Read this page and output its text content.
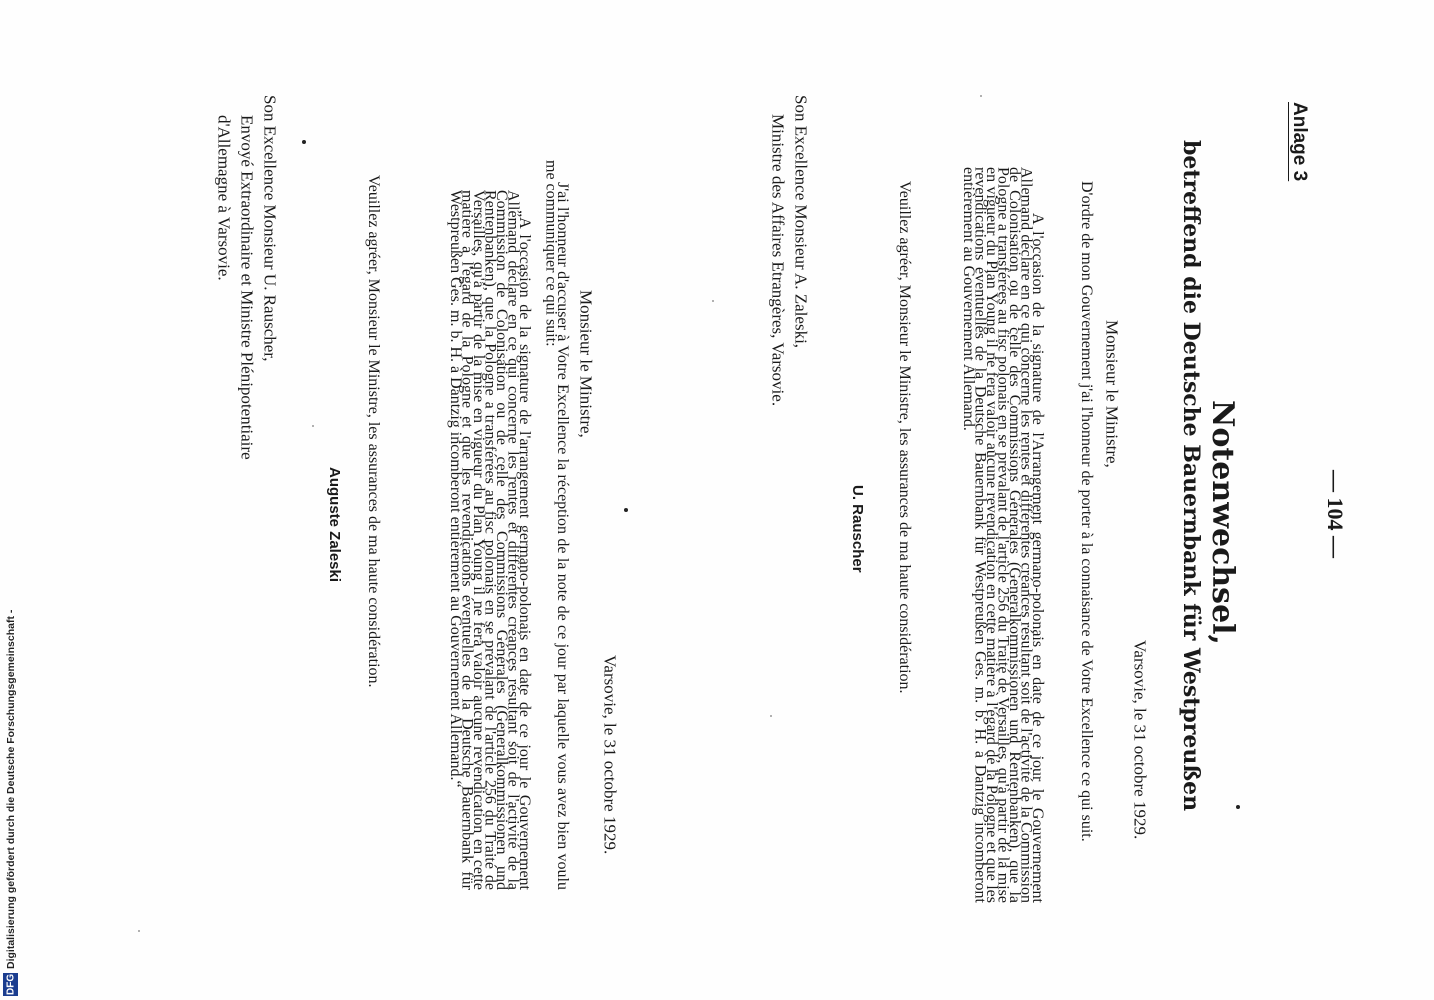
Anlage 3

— 104 —

Notenwechsel,

betreffend die Deutsche Bauernbank für Westpreußen

Varsovie, le 31 octobre 1929.

Monsieur le Ministre,

D'ordre de mon Gouvernement j'ai l'honneur de porter à la connaisance de Votre Excellence ce qui suit.

A l'occasion de la signature de l'Arrangement germano-polonais en date de ce jour le Gouvernement Allemand déclare en ce qui concerne les rentes et différentes créances résultant soit de l'activité de la Commission de Colonisation ou de celle des Commissions Générales (Generalkommissionen und Rentenbanken), que la Pologne a transférées au fisc polonais en se prévalant de l'article 256 du Traité de Versailles, qu'à partir de la mise en vigueur du Plan Young il ne fera valoir aucune revendication en cette matière à l'égard de la Pologne et que les revendications éventuelles de la Deutsche Bauernbank für Westpreußen Ges. m. b. H. à Dantzig incomberont entièrement au Gouvernement Allemand.

Veuillez agréer, Monsieur le Ministre, les assurances de ma haute considération.

U. Rauscher

Son Excellence Monsieur A. Zaleski,

Ministre des Affaires Etrangères, Varsovie.

Varsovie, le 31 octobre 1929.

Monsieur le Ministre,

J'ai l'honneur d'accuser à Votre Excellence la réception de la note de ce jour par laquelle vous avez bien voulu me communiquer ce qui suit:

„A l'occasion de la signature de l'arrangement germano-polonais en date de ce jour le Gouvernement Allemand déclare en ce qui concerne les rentes et différentes créances résultant soit de l'activité de la Commission de Colonisation ou de celle des Commissions Générales (Generalkommissionen und Rentenbanken), que la Pologne a transférées au fisc polonais en se prévalant de l'article 256 du Traité de Versailles, qu'à partir de la mise en vigueur du Plan Young il ne fera valoir aucune revendication en cette matière à l'égard de la Pologne et que les revendications éventuelles de la Deutsche Bauernbank für Westpreußen Ges. m. b. H. à Dantzig incomberont entièrement au Gouvernement Allemand.“

Veuillez agréer, Monsieur le Ministre, les assurances de ma haute considération.

Auguste Zaleski

Son Excellence Monsieur U. Rauscher,

Envoyé Extraordinaire et Ministre Plénipotentiaire

d'Allemagne à Varsovie.

DFG
Digitalisierung gefördert durch die Deutsche Forschungsgemeinschaft -
